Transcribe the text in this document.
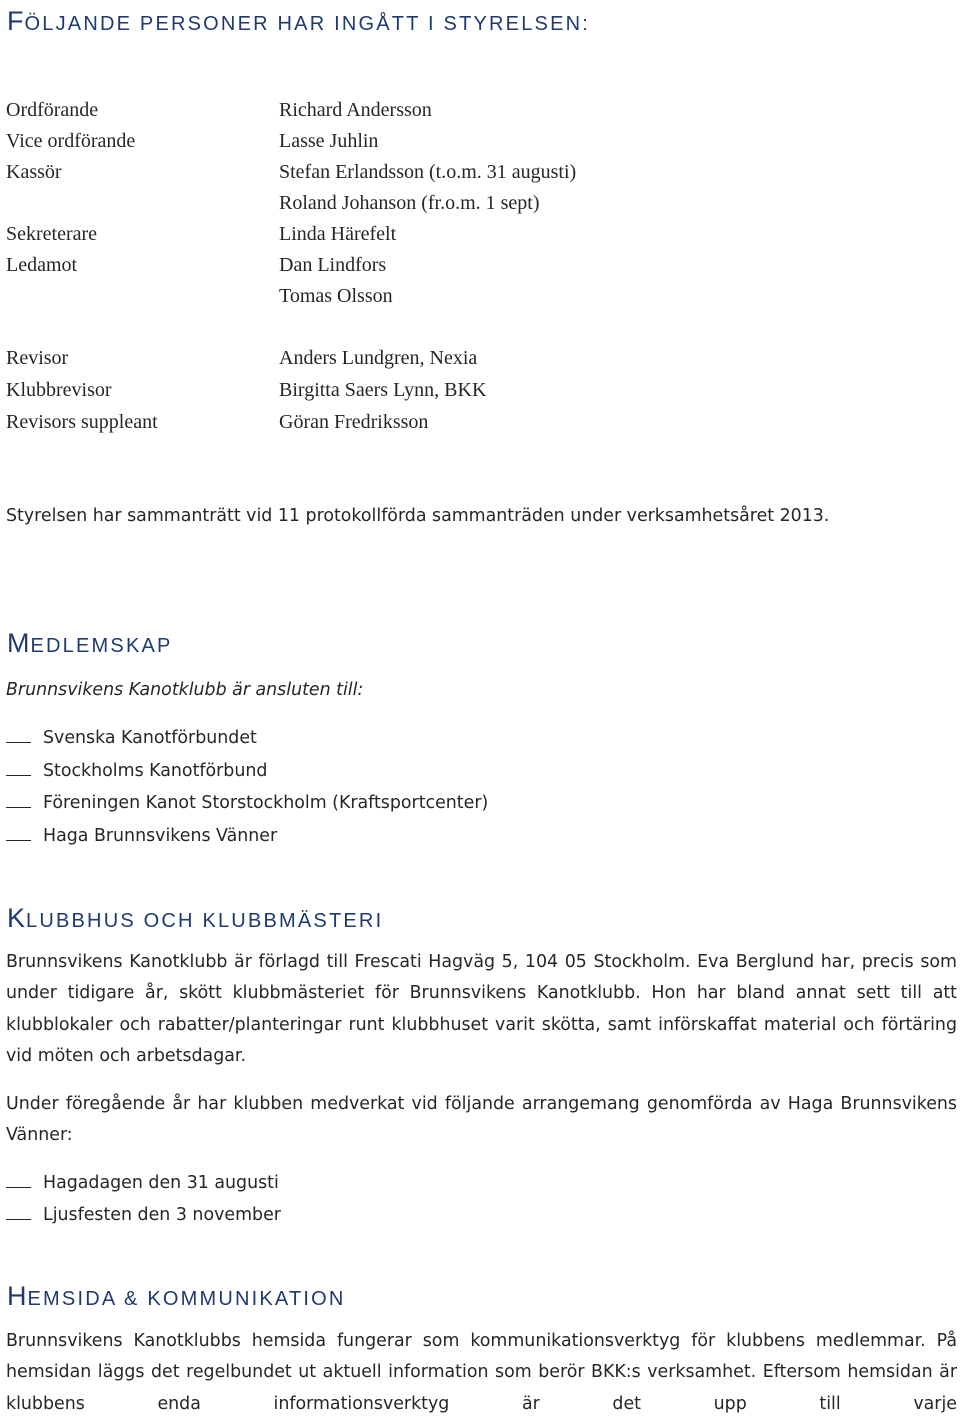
FÖLJANDE PERSONER HAR INGÅTT I STYRELSEN:
Ordförande	Richard Andersson
Vice ordförande	Lasse Juhlin
Kassör	Stefan Erlandsson (t.o.m. 31 augusti)
Roland Johanson (fr.o.m. 1 sept)
Sekreterare	Linda Härefelt
Ledamot	Dan Lindfors
Tomas Olsson
Revisor	Anders Lundgren, Nexia
Klubbrevisor	Birgitta Saers Lynn, BKK
Revisors suppleant	Göran Fredriksson
Styrelsen har sammanträtt vid 11 protokollförda sammanträden under verksamhetsåret 2013.
MEDLEMSKAP
Brunnsvikens Kanotklubb är ansluten till:
Svenska Kanotförbundet
Stockholms Kanotförbund
Föreningen Kanot Storstockholm (Kraftsportcenter)
Haga Brunnsvikens Vänner
KLUBBHUS OCH KLUBBMÄSTERI

Brunnsvikens Kanotklubb är förlagd till Frescati Hagväg 5, 104 05 Stockholm. Eva Berglund har, precis som under tidigare år, skött klubbmästeriet för Brunnsvikens Kanotklubb. Hon har bland annat sett till att klubblokaler och rabatter/planteringar runt klubbhuset varit skötta, samt införskaffat material och förtäring vid möten och arbetsdagar.

Under föregående år har klubben medverkat vid följande arrangemang genomförda av Haga Brunnsvikens Vänner:

Hagadagen den 31 augusti
Ljusfesten den 3 november
HEMSIDA & KOMMUNIKATION

Brunnsvikens Kanotklubbs hemsida fungerar som kommunikationsverktyg för klubbens medlemmar. På hemsidan läggs det regelbundet ut aktuell information som berör BKK:s verksamhet. Eftersom hemsidan är klubbens enda informationsverktyg är det upp till varje
